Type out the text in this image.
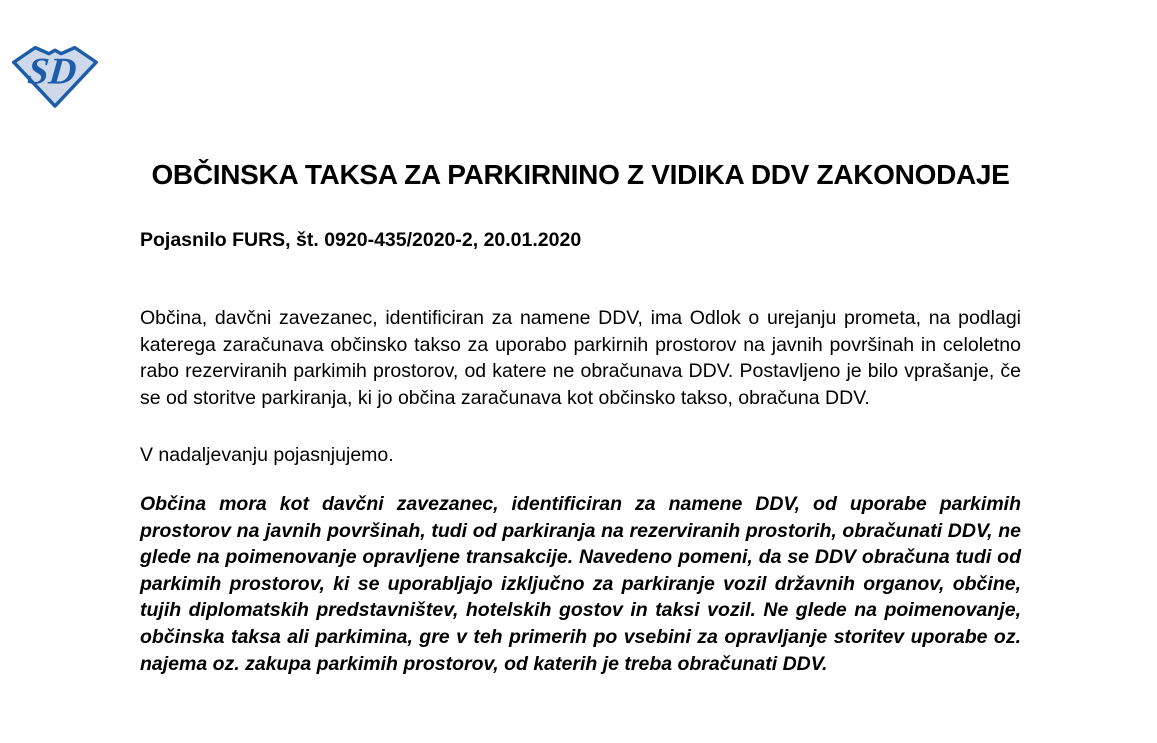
SD
OBČINSKA TAKSA ZA PARKIRNINO Z VIDIKA DDV ZAKONODAJE

Pojasnilo FURS, št. 0920-435/2020-2, 20.01.2020

Občina, davčni zavezanec, identificiran za namene DDV, ima Odlok o urejanju prometa, na podlagi katerega zaračunava občinsko takso za uporabo parkirnih prostorov na javnih površinah in celoletno rabo rezerviranih parkimih prostorov, od katere ne obračunava DDV. Postavljeno je bilo vprašanje, če se od storitve parkiranja, ki jo občina zaračunava kot občinsko takso, obračuna DDV.

V nadaljevanju pojasnjujemo.

Občina mora kot davčni zavezanec, identificiran za namene DDV, od uporabe parkimih prostorov na javnih površinah, tudi od parkiranja na rezerviranih prostorih, obračunati DDV, ne glede na poimenovanje opravljene transakcije. Navedeno pomeni, da se DDV obračuna tudi od parkimih prostorov, ki se uporabljajo izključno za parkiranje vozil državnih organov, občine, tujih diplomatskih predstavništev, hotelskih gostov in taksi vozil. Ne glede na poimenovanje, občinska taksa ali parkimina, gre v teh primerih po vsebini za opravljanje storitev uporabe oz. najema oz. zakupa parkimih prostorov, od katerih je treba obračunati DDV.
